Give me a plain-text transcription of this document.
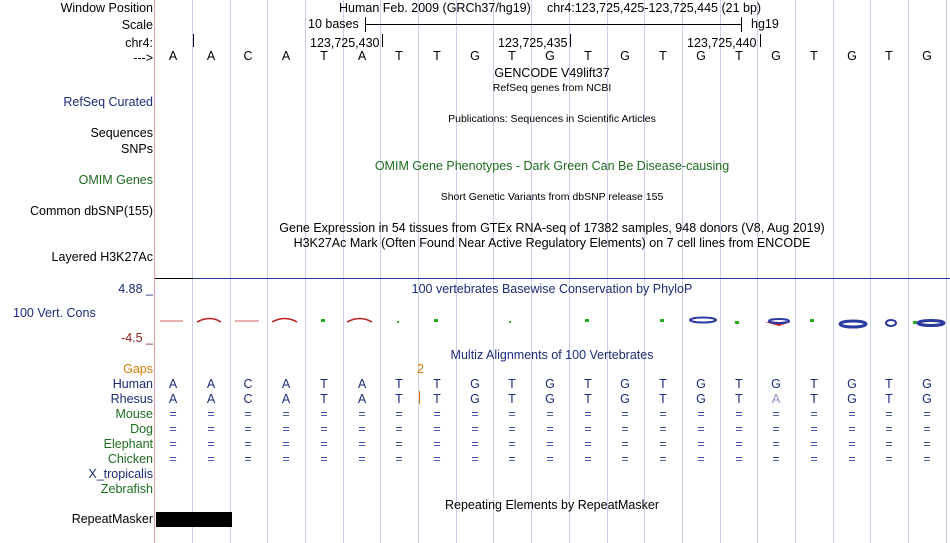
Window Position	Human Feb. 2009 (GRCh37/hg19) chr4:123,725,425-123,725,445 (21 bp)
Scale	10 bases	hg19
chr4:	123,725,430	123,725,435	123,725,440
--->	A	A	C	A	T	A	T	T	G	T	G	T	G	T	G	T	G	T	G	T	G
GENCODE V49lift37
RefSeq genes from NCBI
RefSeq Curated
Publications: Sequences in Scientific Articles
Sequences
SNPs
OMIM Gene Phenotypes - Dark Green Can Be Disease-causing
OMIM Genes
Short Genetic Variants from dbSNP release 155
Common dbSNP(155)
Gene Expression in 54 tissues from GTEx RNA-seq of 17382 samples, 948 donors (V8, Aug 2019)
H3K27Ac Mark (Often Found Near Active Regulatory Elements) on 7 cell lines from ENCODE
Layered H3K27Ac
4.88 _	100 vertebrates Basewise Conservation by PhyloP
100 Vert. Cons
-4.5 _
Multiz Alignments of 100 Vertebrates
Gaps	2
Human	A	A	C	A	T	A	T	T	G	T	G	T	G	T	G	T	G	T	G	T	G
Rhesus	A	A	C	A	T	A	T	T	G	T	G	T	G	T	G	T	A	T	G	T	G
Mouse	=	=	=	=	=	=	=	=	=	=	=	=	=	=	=	=	=	=	=	=	=
Dog	=	=	=	=	=	=	=	=	=	=	=	=	=	=	=	=	=	=	=	=	=
Elephant	=	=	=	=	=	=	=	=	=	=	=	=	=	=	=	=	=	=	=	=	=
Chicken	=	=	=	=	=	=	=	=	=	=	=	=	=	=	=	=	=	=	=	=	=
X_tropicalis
Zebrafish
Repeating Elements by RepeatMasker
RepeatMasker
